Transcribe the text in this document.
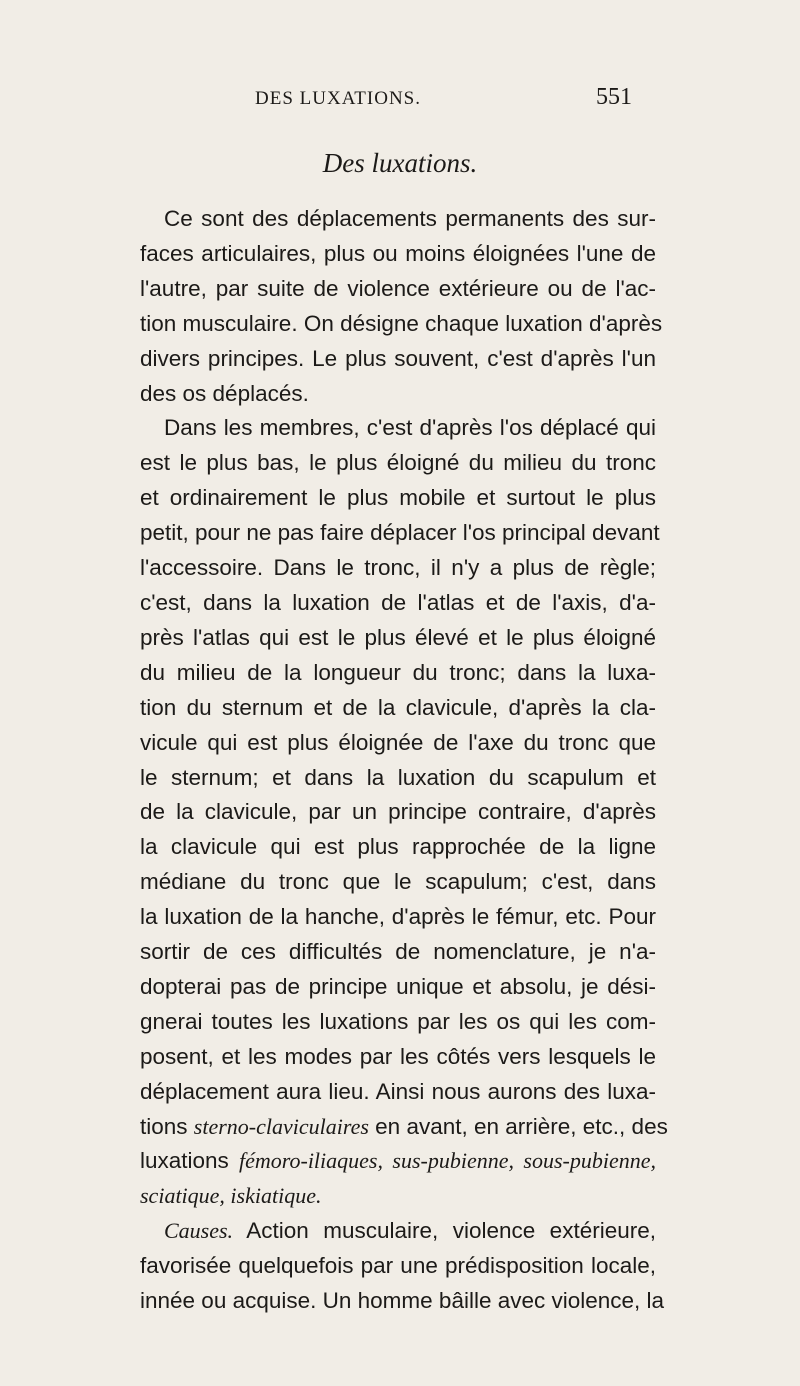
DES LUXATIONS.	551
Des luxations.
Ce sont des déplacements permanents des sur-
faces articulaires, plus ou moins éloignées l'une de
l'autre, par suite de violence extérieure ou de l'ac-
tion musculaire. On désigne chaque luxation d'après
divers principes. Le plus souvent, c'est d'après l'un
des os déplacés.
Dans les membres, c'est d'après l'os déplacé qui
est le plus bas, le plus éloigné du milieu du tronc
et ordinairement le plus mobile et surtout le plus
petit, pour ne pas faire déplacer l'os principal devant
l'accessoire. Dans le tronc, il n'y a plus de règle;
c'est, dans la luxation de l'atlas et de l'axis, d'a-
près l'atlas qui est le plus élevé et le plus éloigné
du milieu de la longueur du tronc; dans la luxa-
tion du sternum et de la clavicule, d'après la cla-
vicule qui est plus éloignée de l'axe du tronc que
le sternum; et dans la luxation du scapulum et
de la clavicule, par un principe contraire, d'après
la clavicule qui est plus rapprochée de la ligne
médiane du tronc que le scapulum; c'est, dans
la luxation de la hanche, d'après le fémur, etc. Pour
sortir de ces difficultés de nomenclature, je n'a-
dopterai pas de principe unique et absolu, je dési-
gnerai toutes les luxations par les os qui les com-
posent, et les modes par les côtés vers lesquels le
déplacement aura lieu. Ainsi nous aurons des luxa-
tions sterno-claviculaires en avant, en arrière, etc., des
luxations fémoro-iliaques, sus-pubienne, sous-pubienne,
sciatique, iskiatique.
Causes. Action musculaire, violence extérieure,
favorisée quelquefois par une prédisposition locale,
innée ou acquise. Un homme bâille avec violence, la
